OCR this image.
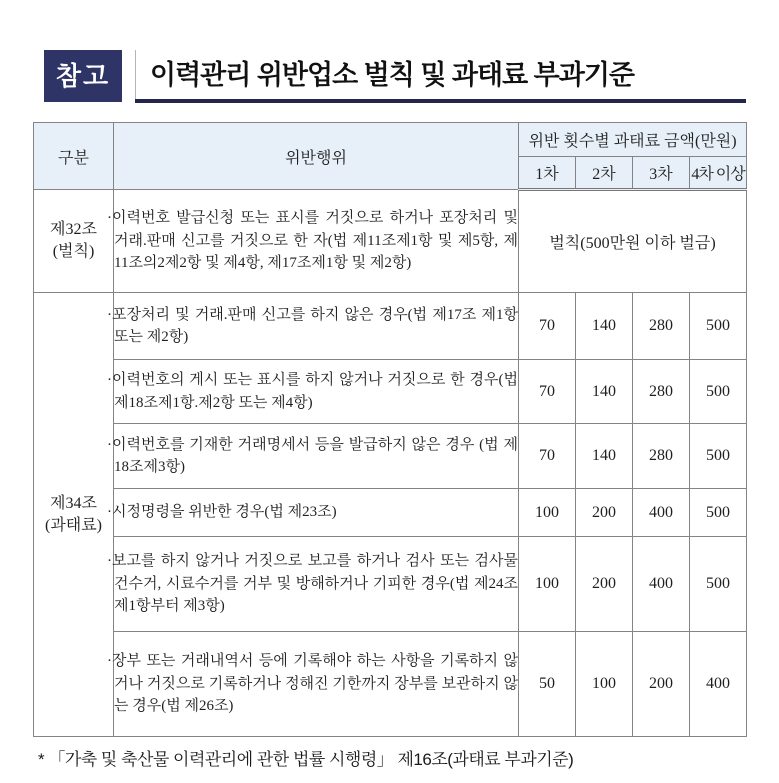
참고	이력관리 위반업소 벌칙 및 과태료 부과기준
구분	위반행위	위반 횟수별 과태료 금액(만원)			
		1차	2차	3차	4차 이상
제32조
(벌칙)	·이력번호 발급신청 또는 표시를 거짓으로 하거나 포장처리 및 거래.판매 신고를 거짓으로 한 자(법 제11조제1항 및 제5항, 제11조의2제2항 및 제4항, 제17조제1항 및 제2항)	벌칙(500만원 이하 벌금)			
제34조
(과태료)	·포장처리 및 거래.판매 신고를 하지 않은 경우(법 제17조 제1항 또는 제2항)	70	140	280	500
	·이력번호의 게시 또는 표시를 하지 않거나 거짓으로 한 경우(법 제18조제1항.제2항 또는 제4항)	70	140	280	500
	·이력번호를 기재한 거래명세서 등을 발급하지 않은 경우 (법 제18조제3항)	70	140	280	500
	·시정명령을 위반한 경우(법 제23조)	100	200	400	500
	·보고를 하지 않거나 거짓으로 보고를 하거나 검사 또는 검사물건수거, 시료수거를 거부 및 방해하거나 기피한 경우(법 제24조제1항부터 제3항)	100	200	400	500
	·장부 또는 거래내역서 등에 기록해야 하는 사항을 기록하지 않거나 거짓으로 기록하거나 정해진 기한까지 장부를 보관하지 않는 경우(법 제26조)	50	100	200	400
* 「가축 및 축산물 이력관리에 관한 법률 시행령」 제16조(과태료 부과기준)
